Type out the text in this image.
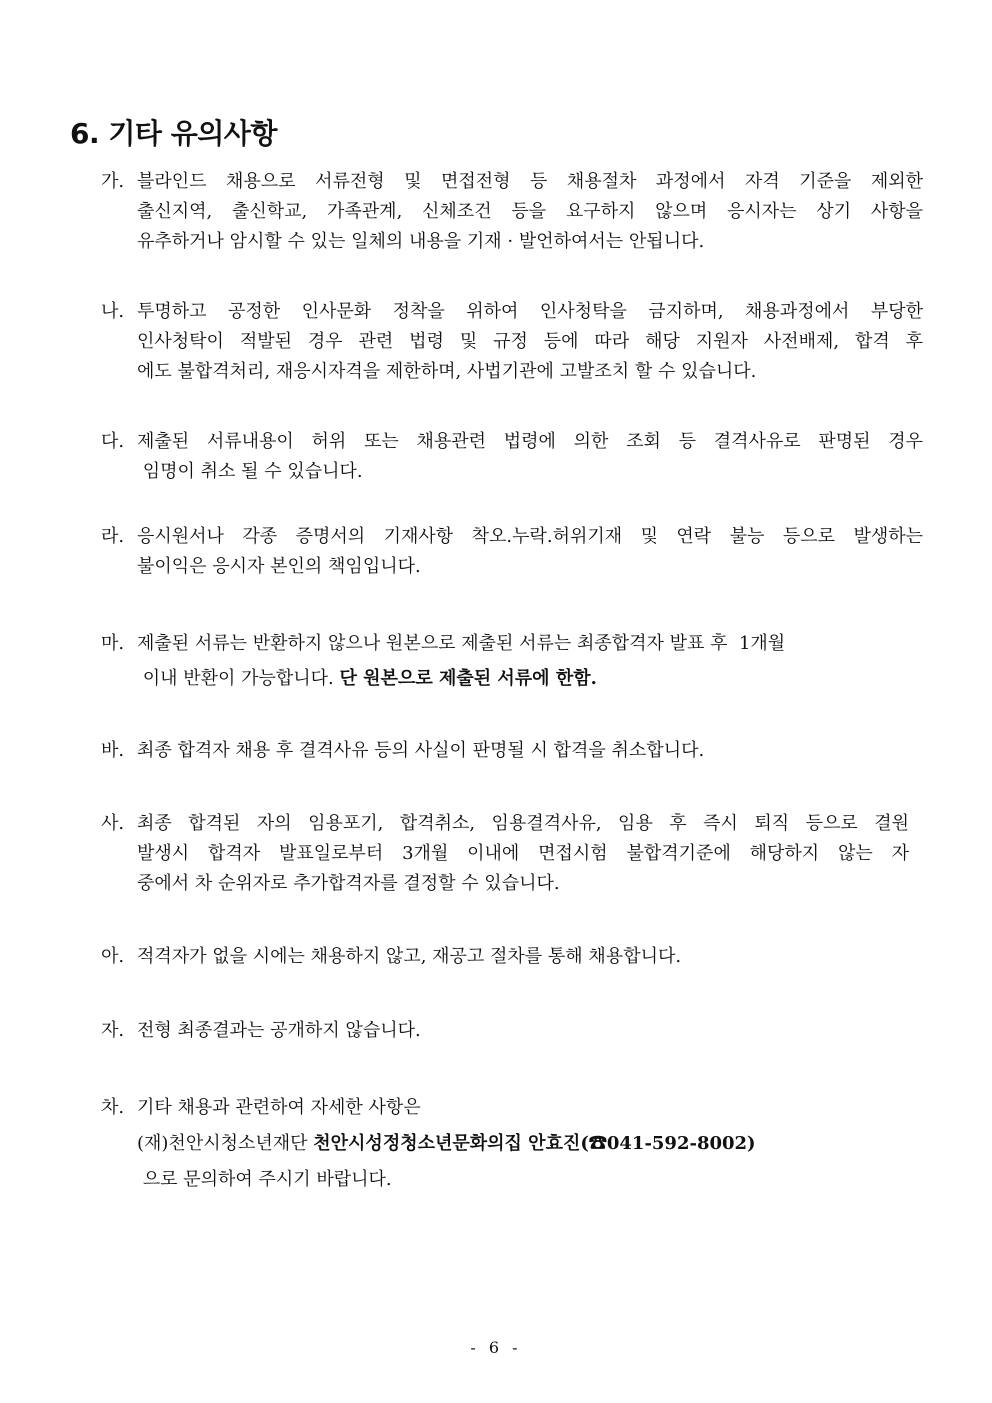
6. 기타 유의사항
가. 블라인드 채용으로 서류전형 및 면접전형 등 채용절차 과정에서 자격 기준을 제외한
출신지역, 출신학교, 가족관계, 신체조건 등을 요구하지 않으며 응시자는 상기 사항을
유추하거나 암시할 수 있는 일체의 내용을 기재 · 발언하여서는 안됩니다.
나. 투명하고 공정한 인사문화 정착을 위하여 인사청탁을 금지하며, 채용과정에서 부당한
인사청탁이 적발된 경우 관련 법령 및 규정 등에 따라 해당 지원자 사전배제, 합격 후
에도 불합격처리, 재응시자격을 제한하며, 사법기관에 고발조치 할 수 있습니다.
다. 제출된 서류내용이 허위 또는 채용관련 법령에 의한 조회 등 결격사유로 판명된 경우
임명이 취소 될 수 있습니다.
라. 응시원서나 각종 증명서의 기재사항 착오.누락.허위기재 및 연락 불능 등으로 발생하는
불이익은 응시자 본인의 책임입니다.
마. 제출된 서류는 반환하지 않으나 원본으로 제출된 서류는 최종합격자 발표 후  1개월
이내 반환이 가능합니다. 단 원본으로 제출된 서류에 한함.
바. 최종 합격자 채용 후 결격사유 등의 사실이 판명될 시 합격을 취소합니다.
사. 최종 합격된 자의 임용포기, 합격취소, 임용결격사유, 임용 후 즉시 퇴직 등으로 결원
발생시 합격자 발표일로부터 3개월 이내에 면접시험 불합격기준에 해당하지 않는 자
중에서 차 순위자로 추가합격자를 결정할 수 있습니다.
아. 적격자가 없을 시에는 채용하지 않고, 재공고 절차를 통해 채용합니다.
자. 전형 최종결과는 공개하지 않습니다.
차. 기타 채용과 관련하여 자세한 사항은
(재)천안시청소년재단 천안시성정청소년문화의집 안효진(☎041-592-8002)
으로 문의하여 주시기 바랍니다.
- 6 -
